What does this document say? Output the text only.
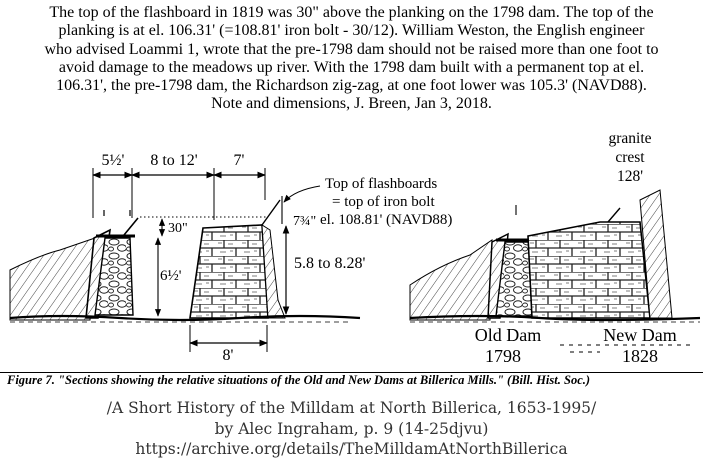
The top of the flashboard in 1819 was 30" above the planking on the 1798 dam. The top of the
planking is at el. 106.31' (=108.81' iron bolt - 30/12). William Weston, the English engineer
who advised Loammi 1, wrote that the pre-1798 dam should not be raised more than one foot to
avoid damage to the meadows up river. With the 1798 dam built with a permanent top at el.
106.31', the pre-1798 dam, the Richardson zig-zag, at one foot lower was 105.3' (NAVD88).
Note and dimensions, J. Breen, Jan 3, 2018.
5½' 8 to 12' 7'
30"
6½'
7¾"
5.8 to 8.28'
8'
Top of flashboards
= top of iron bolt
el. 108.81' (NAVD88)
granite
crest
128'
Old Dam
1798
New Dam
1828
Figure 7. "Sections showing the relative situations of the Old and New Dams at Billerica Mills." (Bill. Hist. Soc.)
/A Short History of the Milldam at North Billerica, 1653-1995/
by Alec Ingraham, p. 9 (14-25djvu)
https://archive.org/details/TheMilldamAtNorthBillerica
